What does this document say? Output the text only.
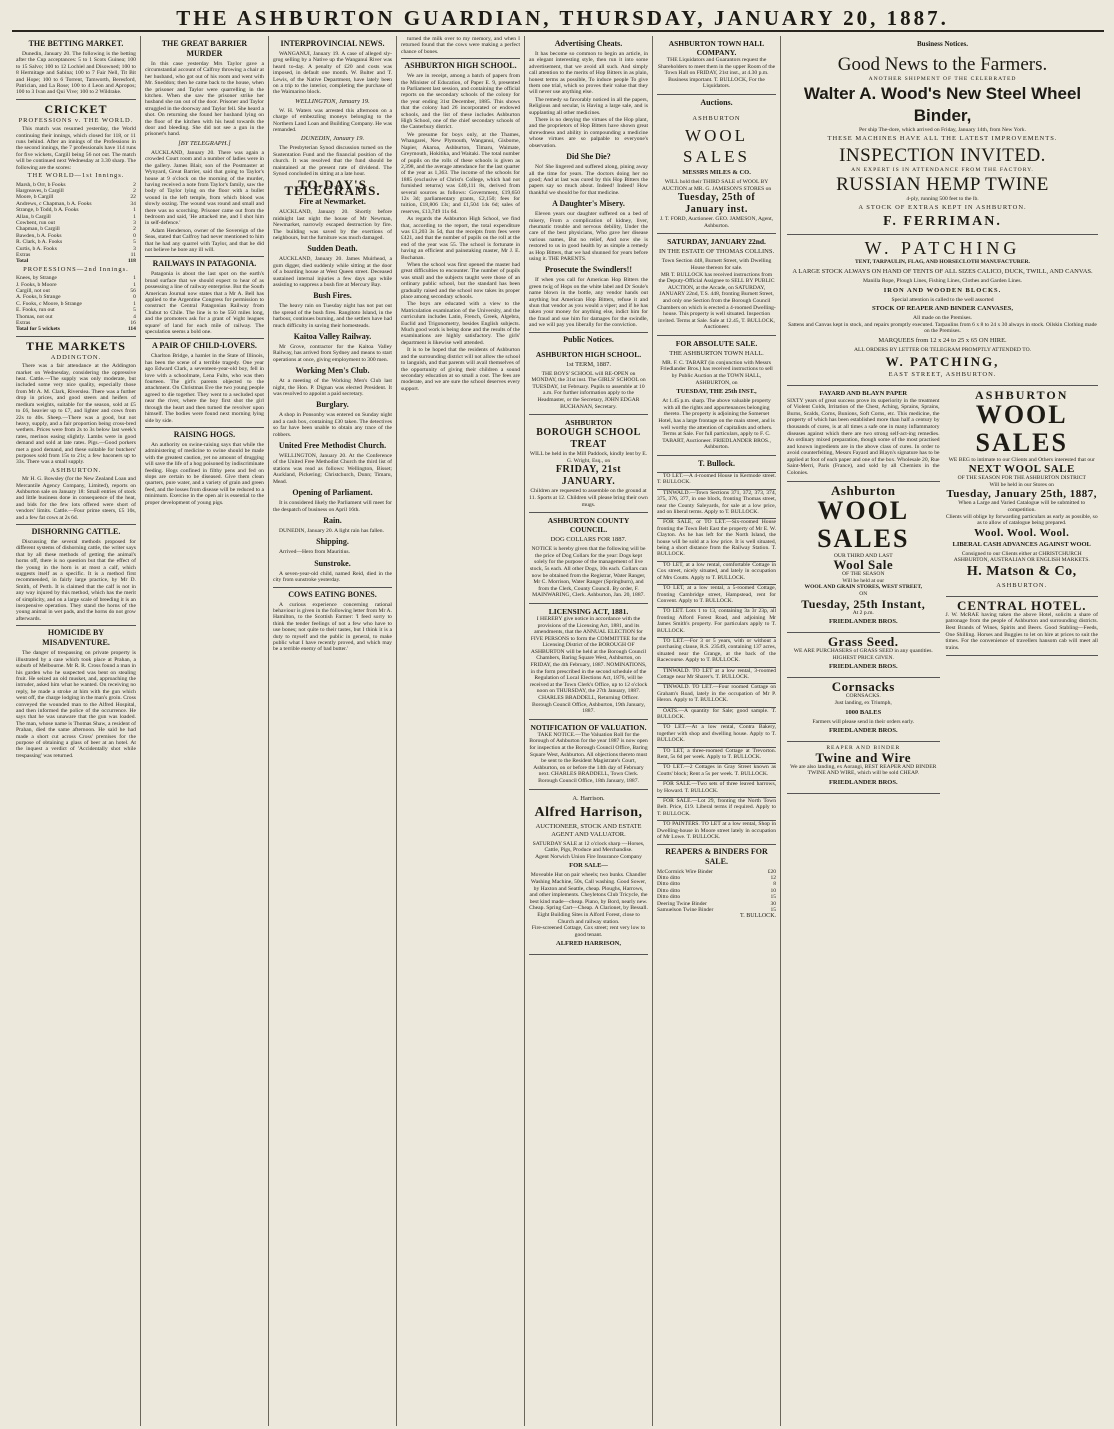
THE ASHBURTON GUARDIAN, THURSDAY, JANUARY 20, 1887.
THE BETTING MARKET.

Dunedin, January 20. The following is the betting after the Cup acceptances: 5 to 1 Scots Guinea; 100 to 15 Salvo; 100 to 12 Lochiel and Disowned; 100 to 8 Hermitage and Sabina; 100 to 7 Fair Nell, Tit Bit and Hope; 100 to 6 Torrent, Tamworth, Beresford, Patrician, and La Rose; 100 to 4 Leon and Apropos; 100 to 3 Ivan and Qui Vive; 100 to 2 Wildrake.

CRICKET
PROFESSIONS v. THE WORLD.

This match was resumed yesterday, the World continuing their innings, which closed for 118, or 11 runs behind. After an innings of the Professions in the second innings, the 7 professionals have 114 runs for five wickets, Cargill being 56 not out. The match will be continued next Wednesday at 3.30 sharp. The following are the scores:

THE WORLD—1st Innings.
Marsh, b Orr, b Fooks	2
Hargreaves, b Cargill	2
Moore, b Cargill	22
Andrews, c Chapman, b A. Fooks	34
Strange, b Todd, b A. Fooks	1
Allan, b Cargill	1
Cowbent, run out	3
Chapman, b Cargill	2
Bawden, b A. Fooks	0
R. Clark, b A. Fooks	5
Curtis, b A. Fooks	3
Extras	11
Total	118
PROFESSIONS—2nd Innings.
Knees, by Strange	1
J. Fooks, b Moore	1
Cargill, not out	56
A. Fooks, b Strange	0
C. Fooks, c Moore, b Strange	1
E. Fooks, run out	5
Thomas, not out	4
Extras	16
Total for 5 wickets	114
THE MARKETS
ADDINGTON.

There was a fair attendance at the Addington market on Wednesday, considering the oppressive heat. Cattle.—The supply was only moderate, but included some very nice quality, especially those from Mr A. M. Clark, Riverslea. There was a further drop in prices, and good steers and heifers of medium weights, suitable for the season, sold at £5 to £6, heavier up to £7, and lighter and cows from 22s to 40s. Sheep.—There was a good, but not heavy, supply, and a fair proportion being cross-bred wethers. Prices were from 2s to 3s below last week's rates, merinos easing slightly. Lambs were in good demand and sold at late rates. Pigs.—Good porkers met a good demand, and these suitable for butchers' purposes sold from 15s to 21s; a few baconers up to 33s. There was a small supply.

ASHBURTON.

Mr H. G. Bowsley (for the New Zealand Loan and Mercantile Agency Company, Limited), reports on Ashburton sale on January 18: Small entries of stock and little business done in consequence of the heat, and bids for the few lots offered were short of vendors' limits. Cattle.—Four prime steers, £5 10s, and a few fat cows at 2s 6d.

DISHORNING CATTLE.

Discussing the several methods proposed for different systems of dishorning cattle, the writer says that by all these methods of getting the animal's horns off, there is no question but that the effect of the young in the horn is at most a calf, which suggests itself as a specific. It is a method first recommended, in fairly large practice, by Mr D. Smith, of Perth. It is claimed that the calf is not in any way injured by this method, which has the merit of simplicity, and on a large scale of breeding it is an inexpensive operation. They stand the horns of the young animal in wet pads, and the horns do not grow afterwards.

HOMICIDE BY MISADVENTURE.

The danger of trespassing on private property is illustrated by a case which took place at Prahan, a suburb of Melbourne. Mr R. R. Cross found a man in his garden who he suspected was bent on stealing fruit. He seized an old musket, and, approaching the intruder, asked him what he wanted. On receiving no reply, he made a stroke at him with the gun which went off, the charge lodging in the man's groin. Cross conveyed the wounded man to the Alfred Hospital, and then informed the police of the occurrence. He says that he was unaware that the gun was loaded. The man, whose name is Thomas Shaw, a resident of Prahan, died the same afternoon. He said he had made a short cut across Cross' premises for the purpose of obtaining a glass of beer at an hotel. At the inquest a verdict of 'Accidentally shot while trespassing' was returned.

THE GREAT BARRIER MURDER

In this case yesterday Mrs Taylor gave a circumstantial account of Calfroy throwing a chair at her husband, who got out of his room and went with Mr. Sneddon; then he came back to the house, when the prisoner and Taylor were quarrelling in the kitchen. When she saw the prisoner strike her husband she ran out of the door. Prisoner and Taylor struggled in the doorway and Taylor fell. She heard a shot. On returning she found her husband lying on the floor of the kitchen with his head towards the door and bleeding. She did not see a gun in the prisoner's hand.

[BY TELEGRAPH.]

AUCKLAND, January 20. There was again a crowded Court room and a number of ladies were in the gallery. James Blair, son of the Postmaster at Wynyard, Great Barrier, said that going to Taylor's house at 9 o'clock on the morning of the murder, having received a note from Taylor's family, saw the body of Taylor lying on the floor with a bullet wound in the left temple, from which blood was slowly oozing. The wound was round and small and there was no scorching. Prisoner came out from the bedroom and said, 'He attacked me, and I shot him in self-defence.'

Adam Henderson, owner of the Sovereign of the Seas, stated that Calfroy had never mentioned to him that he had any quarrel with Taylor, and that he did not believe he bore any ill will.

RAILWAYS IN PATAGONIA.

Patagonia is about the last spot on the earth's broad surface that we should expect to hear of as possessing a line of railway enterprise. But the South American Journal now states that a Mr A. Bell has applied to the Argentine Congress for permission to construct the Central Patagonian Railway from Chubut to Chile. The line is to be 550 miles long, and the promoters ask for a grant of 'eight leagues square' of land for each mile of railway. The speculation seems a bold one.

A PAIR OF CHILD-LOVERS.

Charlton Bridge, a hamlet in the State of Illinois, has been the scene of a terrible tragedy. One year ago Edward Clark, a seventeen-year-old boy, fell in love with a schoolmate, Lena Fults, who was then fourteen. The girl's parents objected to the attachment. On Christmas Eve the two young people agreed to die together. They went to a secluded spot near the river, where the boy first shot the girl through the heart and then turned the revolver upon himself. The bodies were found next morning lying side by side.

RAISING HOGS.

An authority on swine-raising says that while the administering of medicine to swine should be made with the greatest caution, yet no amount of drugging will save the life of a hog poisoned by indiscriminate feeding. Hogs confined in filthy pens and fed on slops are certain to be diseased. Give them clean quarters, pure water, and a variety of grain and green feed, and the losses from disease will be reduced to a minimum. Exercise in the open air is essential to the proper development of young pigs.

INTERPROVINCIAL NEWS.

WANGANUI, January 19. A case of alleged sly-grog selling by a Native up the Wanganui River was heard to-day. A penalty of £20 and costs was imposed, in default one month. W. Bulter and T. Lewis, of the Native Department, have lately been on a trip to the interior, completing the purchase of the Waimarino block.

WELLINGTON, January 19.

W. H. Waters was arrested this afternoon on a charge of embezzling moneys belonging to the Northern Land Loan and Building Company. He was remanded.

DUNEDIN, January 19.

The Presbyterian Synod discussion turned on the Sustentation Fund and the financial position of the church. It was resolved that the fund should be maintained at the present rate of dividend. The Synod concluded its sitting at a late hour.

TO-DAY'S TELEGRAMS.
Fire at Newmarket.

AUCKLAND, January 20. Shortly before midnight last night the house of Mr Newman, Newmarket, narrowly escaped destruction by fire. The building was saved by the exertions of neighbours, but the furniture was much damaged.

Sudden Death.

AUCKLAND, January 20. James Muirhead, a gum digger, died suddenly while sitting at the door of a boarding house at West Queen street. Deceased sustained internal injuries a few days ago while assisting to suppress a bush fire at Mercury Bay.

Bush Fires.

The heavy rain on Tuesday night has not put out the spread of the bush fires. Rangitoto Island, in the harbour, continues burning, and the settlers have had much difficulty in saving their homesteads.

Kaitoa Valley Railway.

Mr Grove, contractor for the Kaitoa Valley Railway, has arrived from Sydney and means to start operations at once, giving employment to 300 men.

Working Men's Club.

At a meeting of the Working Men's Club last night, the Hon. P. Dignan was elected President. It was resolved to appoint a paid secretary.

Burglary.

A shop in Ponsonby was entered on Sunday night and a cash box, containing £30 taken. The detectives so far have been unable to obtain any trace of the robbers.

United Free Methodist Church.

WELLINGTON, January 20. At the Conference of the United Free Methodist Church the third list of stations was read as follows: Wellington, Bisset; Auckland, Pickering; Christchurch, Dunn; Timaru, Mead.

Opening of Parliament.

It is considered likely the Parliament will meet for the despatch of business on April 16th.

Rain.

DUNEDIN, January 20. A light rain has fallen.

Shipping.

Arrived—Hero from Mauritius.

Sunstroke.

A seven-year-old child, named Reid, died in the city from sunstroke yesterday.

COWS EATING BONES.

A curious experience concerning rational behaviour is given in the following letter from Mr A. Hamilton, to the Scottish Farmer: 'I feed sorry to think the tender feelings of not a few who have to use bones; not quite to their tastes, but I think it is a duty to myself and the public in general, to make public what I have recently proved, and which may be a terrible enemy of bad butter.'

turned the milk over to my memory, and when I returned found that the cows were making a perfect chance of bones.

ASHBURTON HIGH SCHOOL.

We are in receipt, among a batch of papers from the Minister of Education, of Paper E. 9, presented to Parliament last session, and containing the official reports on the secondary schools of the colony for the year ending 31st December, 1885. This shows that the colony had 26 incorporated or endowed schools, and the list of these includes Ashburton High School, one of the chief secondary schools of the Canterbury district.

We presume for boys only, at the Thames, Whangarei, New Plymouth, Wanganui, Gisborne, Napier, Akaroa, Ashburton, Timaru, Waimate, Greymouth, Hokitika, and Waitaki. The total number of pupils on the rolls of these schools is given as 2,398, and the average attendance for the last quarter of the year as 1,363. The income of the schools for 1885 (exclusive of Christ's College, which had not furnished returns) was £40,111 8s, derived from several sources as follows: Government, £19,650 12s 3d; parliamentary grants, £2,150; fees for tuition, £18,806 13s; and £1,504 14s 6d; sales of reserves, £13,749 11s 6d.

As regards the Ashburton High School, we find that, according to the report, the total expenditure was £1,203 3s 5d, that the receipts from fees were £421, and that the number of pupils on the roll at the end of the year was 55. The school is fortunate in having an efficient and painstaking master, Mr J. E. Buchanan.

When the school was first opened the master had great difficulties to encounter. The number of pupils was small and the subjects taught were those of an ordinary public school, but the standard has been gradually raised and the school now takes its proper place among secondary schools.

The boys are educated with a view to the Matriculation examination of the University, and the curriculum includes Latin, French, Greek, Algebra, Euclid and Trigonometry, besides English subjects. Much good work is being done and the results of the examinations are highly satisfactory. The girls' department is likewise well attended.

It is to be hoped that the residents of Ashburton and the surrounding district will not allow the school to languish, and that parents will avail themselves of the opportunity of giving their children a sound secondary education at so small a cost. The fees are moderate, and we are sure the school deserves every support.

Advertising Cheats.

It has become so common to begin an article, in an elegant interesting style, then run it into some advertisement, that we avoid all such. And simply call attention to the merits of Hop Bitters in as plain, honest terms as possible, To induce people To give them one trial, which so proves their value that they will never use anything else.

The remedy so favorably noticed in all the papers, Religious and secular, is Having a large sale, and is supplanting all other medicines.

There is no denying the virtues of the Hop plant, and the proprietors of Hop Bitters have shown great shrewdness and ability in compounding a medicine whose virtues are so palpable to everyone's observation.

Did She Die?

No! She lingered and suffered along, pining away all the time for years. The doctors doing her no good; And at last was cured by this Hop Bitters the papers say so much about. Indeed! Indeed! How thankful we should be for that medicine.

A Daughter's Misery.

Eleven years our daughter suffered on a bed of misery, From a complication of kidney, liver, rheumatic trouble and nervous debility, Under the care of the best physicians, Who gave her disease various names, But no relief, And now she is restored to us in good health by as simple a remedy as Hop Bitters, that we had shunned for years before using it. THE PARENTS.

Prosecute the Swindlers!!

If when you call for American Hop Bitters the green twig of Hops on the white label and Dr Soule's name blown in the bottle, any vendor hands out anything but American Hop Bitters, refuse it and shun that vendor as you would a viper; and if he has taken your money for anything else, indict him for the fraud and sue him for damages for the swindle, and we will pay you liberally for the conviction.

Public Notices.
ASHBURTON HIGH SCHOOL.
1st TERM, 1887.
THE BOYS' SCHOOL will RE-OPEN on MONDAY, the 31st inst. The GIRLS' SCHOOL on TUESDAY, 1st February. Pupils to assemble at 10 a.m. For further information apply to the Headmaster, or the Secretary, JOHN EDGAR BUCHANAN, Secretary.
ASHBURTON
BOROUGH SCHOOL TREAT
WILL be held in the Mill Paddock, kindly lent by E. G. Wright, Esq., on
FRIDAY, 21st JANUARY.
Children are requested to assemble on the ground at 11. Sports at 12. Children will please bring their own mugs.
ASHBURTON COUNTY COUNCIL.
DOG COLLARS FOR 1887.
NOTICE is hereby given that the following will be the price of Dog Collars for the year: Dogs kept solely for the purpose of the management of live stock, 5s each. All other Dogs, 10s each. Collars can now be obtained from the Registrar, Water Ranger, Mr C. Morrison, Water Ranger (Springburn), and from the Clerk, County Council. By order, F. MAINWARING, Clerk. Ashburton, Jan. 20, 1887.
LICENSING ACT, 1881.
I HEREBY give notice in accordance with the provisions of the Licensing Act, 1881, and its amendments, that the ANNUAL ELECTION for FIVE PERSONS to form the COMMITTEE for the Licensing District of the BOROUGH OF ASHBURTON will be held at the Borough Council Chambers, Baring Square West, Ashburton, on FRIDAY, the 4th February, 1887. NOMINATIONS, in the form prescribed in the second schedule of the Regulation of Local Elections Act, 1876, will be received at the Town Clerk's Office, up to 12 o'clock noon on THURSDAY, the 27th January, 1887. CHARLES BRADDELL, Returning Officer. Borough Council Office, Ashburton, 19th January, 1887.
NOTIFICATION OF VALUATION.
TAKE NOTICE.—The Valuation Roll for the Borough of Ashburton for the year 1887 is now open for inspection at the Borough Council Office, Baring Square West, Ashburton. All objections thereto must be sent to the Resident Magistrate's Court, Ashburton, on or before the 14th day of February next. CHARLES BRADDELL, Town Clerk. Borough Council Office, 18th January, 1887.
A. Harrison.
Alfred Harrison,
AUCTIONEER, STOCK AND ESTATE AGENT AND VALUATOR.
SATURDAY SALE at 12 o'clock sharp —Horses, Cattle, Pigs, Produce and Merchandise.
Agent Norwich Union Fire Insurance Company
FOR SALE—
Moveable Hut on pair wheels; two bunks. Chandler Washing Machine, 50s, Call washing. Good Sower, by Haxton and Seattle, cheap. Ploughs, Harrows, and other implements. Cheyletons Club Tricycle, the best kind made—cheap. Piano, by Bord, nearly new. Cheap. Spring Cart—Cheap. A Clarionet, by Bessall. Eight Building Sites in Alford Forest, close to Church and railway station.
Fire-screened Cottage, Cox street; rent very low to good tenant.
ALFRED HARRISON,
ASHBURTON TOWN HALL COMPANY.
THE Liquidators and Guarantors request the Shareholders to meet them in the upper Room of the Town Hall on FRIDAY, 21st inst., at 4.30 p.m. Business important. T. BULLOCK, For the Liquidators.
Auctions.
ASHBURTON
WOOL SALES
MESSRS MILES & CO.
WILL hold their THIRD SALE of WOOL BY AUCTION at MR. G. JAMESON'S STORES on
Tuesday, 25th of January inst.
J. T. FORD, Auctioneer. GEO. JAMESON, Agent, Ashburton.
SATURDAY, JANUARY 22nd.
IN THE ESTATE OF THOMAS COLLINS.
Town Section 448, Burnett Street, with Dwelling House thereon for sale.
MR T. BULLOCK has received instructions from the Deputy-Official Assignee to SELL BY PUBLIC AUCTION, at the Arcade, on SATURDAY, JANUARY 22nd, T.S. 448, fronting Burnett Street, and only one Section from the Borough Council Chambers on which is erected a 4-roomed Dwelling-house. This property is well situated. Inspection invited. Terms at Sale. Sale at 12.45, T. BULLOCK, Auctioneer.
FOR ABSOLUTE SALE.
THE ASHBURTON TOWN HALL.
MR. F. C. TABART (in conjunction with Messrs Friedlander Bros.) has received instructions to sell by Public Auction at the TOWN HALL, ASHBURTON, on
TUESDAY, THE 25th INST.,
At 1.45 p.m. sharp. The above valuable property with all the rights and appurtenances belonging thereto. The property is adjoining the Somerset Hotel, has a large frontage on the main street, and is well worthy the attention of capitalists and others. Terms at Sale. For full particulars, apply to F. C. TABART, Auctioneer. FRIEDLANDER BROS., Ashburton.
T. Bullock.

TO LET.—A 4-roomed House in Kermode street. T. BULLOCK.

TINWALD.—Town Sections 371, 372, 373, 374, 375, 376, 377, in one block, fronting Thomas street, near the County Saleyards, for sale at a low price, and on liberal terms. Apply to T. BULLOCK.

FOR SALE, or TO LET.—Six-roomed House fronting the Town Belt East the property of Mr E. W. Clayton. As he has left for the North Island, the house will be sold at a low price. It is well situated, being a short distance from the Railway Station. T. BULLOCK.

TO LET, at a low rental, comfortable Cottage in Cox street, nicely situated, and lately in occupation of Mrs Coutts. Apply to T. BULLOCK.

TO LET, at a low rental, a 5-roomed Cottage, fronting Cambridge street, Hampstead, rent for Convent. Apply to T. BULLOCK.

TO LET. Lots 1 to 13, containing 3a 3r 23p, all fronting Alford Forest Road, and adjoining Mr James Smith's property. For particulars apply to T. BULLOCK.

TO LET.—For 3 or 5 years, with or without a purchasing clause, R.S. 23549, containing 137 acres, situated near the Grange, at the back of the Racecourse. Apply to T. BULLOCK.

TINWALD. TO LET at a low rental, 3-roomed Cottage near Mr Sharer's. T. BULLOCK.

TINWALD. TO LET.—Four roomed Cottage on Graham's Road, lately in the occupation of Mr P. Heron. Apply to T. BULLOCK.

OATS.—A quantity for Sale; good sample. T. BULLOCK.

TO LET.—At a low rental, Contra Bakery, together with shop and dwelling house. Apply to T. BULLOCK.

TO LET, a three-roomed Cottage at Trevorton. Rent, 5s 6d per week. Apply to T. BULLOCK.

TO LET.—2 Cottages in Gray Street known as Coutts' block; Rent a 5s per week. T. BULLOCK.

FOR SALE.—Two sets of three leaved harrows, by Howard. T. BULLOCK.

FOR SALE.—Lot 29, fronting the North Town Belt. Price, £19. Liberal terms if required. Apply to T. BULLOCK.

TO PAINTERS. TO LET at a low rental, Shop in Dwelling-house in Moore street lately in occupation of Mr Lowe. T. BULLOCK.

REAPERS & BINDERS FOR SALE.
McCormick Wire Binder	£20
Ditto ditto	12
Ditto ditto	8
Ditto ditto	10
Ditto ditto	15
Deering Twine Binder	30
Samuelson Twine Binder	15
T. BULLOCK.
Business Notices.
Good News to the Farmers.
ANOTHER SHIPMENT OF THE CELEBRATED
Walter A. Wood's New Steel Wheel Binder,
Per ship The-dore, which arrived on Friday, January 14th, from New York.
THESE MACHINES HAVE ALL THE LATEST IMPROVEMENTS.
INSPECTION INVITED.
AN EXPERT IS IN ATTENDANCE FROM THE FACTORY.
RUSSIAN HEMP TWINE
4-ply, running 500 feet to the lb.
A STOCK OF EXTRAS KEPT IN ASHBURTON.
F. FERRIMAN.
W. PATCHING
TENT, TARPAULIN, FLAG, AND HORSECLOTH MANUFACTURER.
A LARGE STOCK ALWAYS ON HAND OF TENTS OF ALL SIZES CALICO, DUCK, TWILL, AND CANVAS.
Manilla Rope, Plough Lines, Fishing Lines, Clothes and Garden Lines.
IRON AND WOODEN BLOCKS.
Special attention is called to the well assorted
STOCK OF REAPER AND BINDER CANVASES,
All made on the Premises.
Sattens and Canvas kept in stock, and repairs promptly executed. Tarpaulins from 6 x 8 to 24 x 30 always in stock. Oilskin Clothing made on the Premises.
MARQUEES from 12 x 24 to 25 x 65 ON HIRE.
ALL ORDERS BY LETTER OR TELEGRAM PROMPTLY ATTENDED TO.
W. PATCHING,
EAST STREET, ASHBURTON.
FAYARD AND BLAYN PAPER
SIXTY years of great success prove its superiority in the treatment of Violent Colds, Irritation of the Chest, Aching, Sprains, Sprains, Burns, Scalds, Corns, Bunions, Soft Corns, etc. This medicine, the property of which has been established more than half a century by thousands of cures, is at all times a safe one in many inflammatory diseases against which there are two strong self-act-ing remedies. An ordinary mixed preparation, though some of the most practised and known ingredients are in the above class of cures. In order to avoid counterfeiting, Messrs Fayard and Blayn's signature has to be applied at foot of each paper and one of the box. Wholesale 20, Rue Saint-Merri, Paris (France), and sold by all Chemists in the Colonies.
Ashburton
WOOL SALES
OUR THIRD AND LAST
Wool Sale
OF THE SEASON
Will be held at our
WOOL AND GRAIN STORES, WEST STREET,
ON
Tuesday, 25th Instant,
At 2 p.m.
FRIEDLANDER BROS.
Grass Seed.
WE ARE PURCHASERS of GRASS SEED in any quantities. HIGHEST PRICE GIVEN.
FRIEDLANDER BROS.
Cornsacks
CORNSACKS.
Just landing, ex Triumph,
1000 BALES
Farmers will please send in their orders early.
FRIEDLANDER BROS.
REAPER AND BINDER
Twine and Wire
We are also landing, ex Aorangi, BEST REAPER AND BINDER TWINE AND WIRE, which will be sold CHEAP.
FRIEDLANDER BROS.
ASHBURTON
WOOL SALES
WE BEG to intimate to our Clients and Others interested that our
NEXT WOOL SALE
OF THE SEASON FOR THE ASHBURTON DISTRICT
Will be held in our Stores on
Tuesday, January 25th, 1887,
When a Large and Varied Catalogue will be submitted to competition.
Clients will oblige by forwarding particulars as early as possible, so as to allow of catalogue being prepared.
Wool. Wool. Wool.
LIBERAL CASH ADVANCES AGAINST WOOL
Consigned to our Clients either at CHRISTCHURCH
ASHBURTON, AUSTRALIAN OR ENGLISH MARKETS.
H. Matson & Co,
ASHBURTON.
CENTRAL HOTEL.
J. W. McRAE having taken the above Hotel, solicits a share of patronage from the people of Ashburton and surrounding districts. Best Brands of Wines, Spirits and Beers. Good Stabling—Feeds, One Shilling. Horses and Buggies to let on hire at prices to suit the times. For the convenience of travellers hansom cab will meet all trains.
